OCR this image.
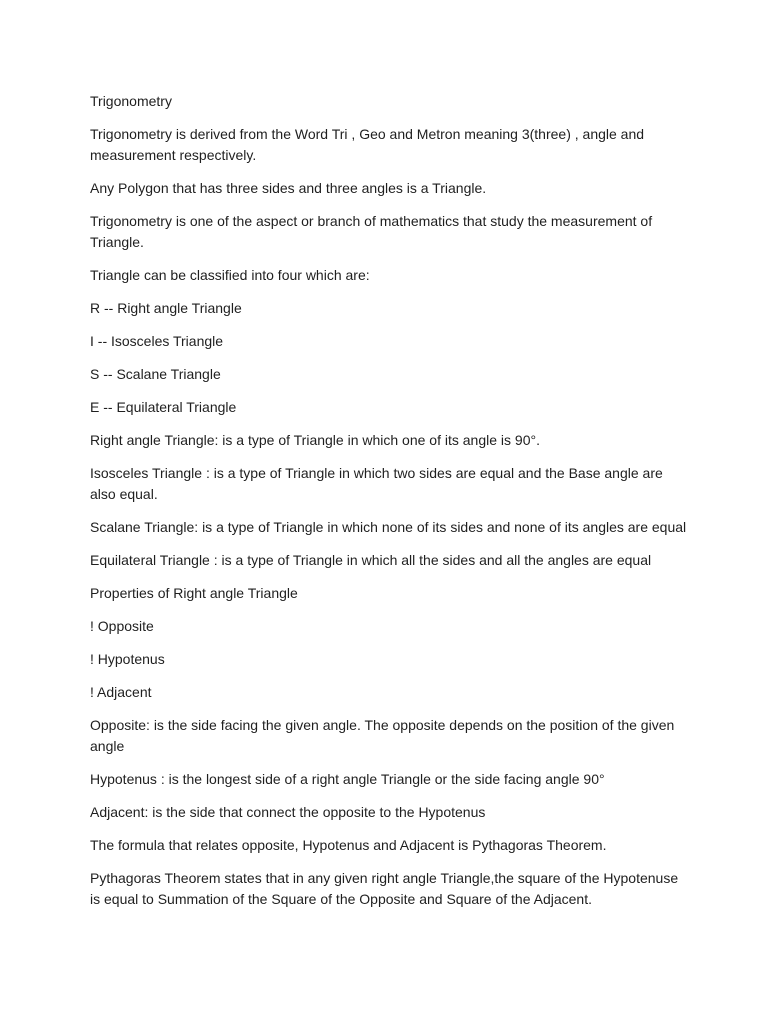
Trigonometry

Trigonometry is derived from the Word Tri , Geo and Metron meaning 3(three) , angle and measurement respectively.

Any Polygon that has three sides and three angles is a Triangle.

Trigonometry is one of the aspect or branch of mathematics that study the measurement of Triangle.

Triangle can be classified into four which are:

R -- Right angle Triangle

I -- Isosceles Triangle

S -- Scalane Triangle

E -- Equilateral Triangle

Right angle Triangle: is a type of Triangle in which one of its angle is 90°.

Isosceles Triangle : is a type of Triangle in which two sides are equal and the Base angle are also equal.

Scalane Triangle: is a type of Triangle in which none of its sides and none of its angles are equal

Equilateral Triangle : is a type of Triangle in which all the sides and all the angles are equal

Properties of Right angle Triangle

! Opposite

! Hypotenus

! Adjacent

Opposite: is the side facing the given angle. The opposite depends on the position of the given angle

Hypotenus : is the longest side of a right angle Triangle or the side facing angle 90°

Adjacent: is the side that connect the opposite to the Hypotenus

The formula that relates opposite, Hypotenus and Adjacent is Pythagoras Theorem.

Pythagoras Theorem states that in any given right angle Triangle,the square of the Hypotenuse is equal to Summation of the Square of the Opposite and Square of the Adjacent.
